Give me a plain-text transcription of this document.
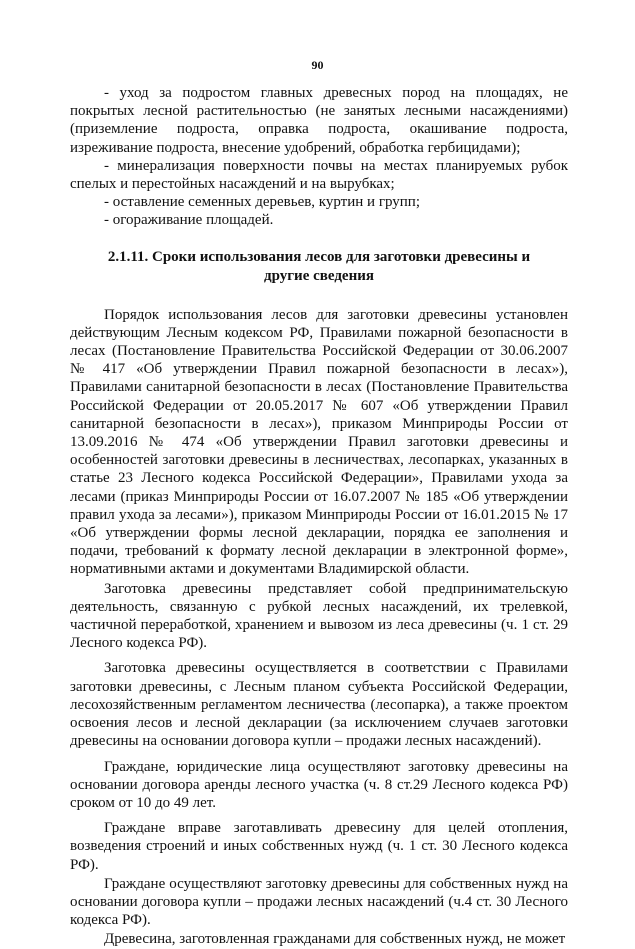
90

- уход за подростом главных древесных пород на площадях, не покрытых лесной растительностью (не занятых лесными насаждениями) (приземление подроста, оправка подроста, окашивание подроста, изреживание подроста, внесение удобрений, обработка гербицидами);

- минерализация поверхности почвы на местах планируемых рубок спелых и перестойных насаждений и на вырубках;

- оставление семенных деревьев, куртин и групп;

- огораживание площадей.

2.1.11. Сроки использования лесов для заготовки древесины и другие сведения

Порядок использования лесов для заготовки древесины установлен действующим Лесным кодексом РФ, Правилами пожарной безопасности в лесах (Постановление Правительства Российской Федерации от 30.06.2007 № 417 «Об утверждении Правил пожарной безопасности в лесах»), Правилами санитарной безопасности в лесах (Постановление Правительства Российской Федерации от 20.05.2017 № 607 «Об утверждении Правил санитарной безопасности в лесах»), приказом Минприроды России от 13.09.2016 № 474 «Об утверждении Правил заготовки древесины и особенностей заготовки древесины в лесничествах, лесопарках, указанных в статье 23 Лесного кодекса Российской Федерации», Правилами ухода за лесами (приказ Минприроды России от 16.07.2007 № 185 «Об утверждении правил ухода за лесами»), приказом Минприроды России от 16.01.2015 № 17 «Об утверждении формы лесной декларации, порядка ее заполнения и подачи, требований к формату лесной декларации в электронной форме», нормативными актами и документами Владимирской области.

Заготовка древесины представляет собой предпринимательскую деятельность, связанную с рубкой лесных насаждений, их трелевкой, частичной переработкой, хранением и вывозом из леса древесины (ч. 1 ст. 29 Лесного кодекса РФ).

Заготовка древесины осуществляется в соответствии с Правилами заготовки древесины, с Лесным планом субъекта Российской Федерации, лесохозяйственным регламентом лесничества (лесопарка), а также проектом освоения лесов и лесной декларации (за исключением случаев заготовки древесины на основании договора купли – продажи лесных насаждений).

Граждане, юридические лица осуществляют заготовку древесины на основании договора аренды лесного участка (ч. 8 ст.29 Лесного кодекса РФ) сроком от 10 до 49 лет.

Граждане вправе заготавливать древесину для целей отопления, возведения строений и иных собственных нужд (ч. 1 ст. 30 Лесного кодекса РФ).

Граждане осуществляют заготовку древесины для собственных нужд на основании договора купли – продажи лесных насаждений (ч.4 ст. 30 Лесного кодекса РФ).

Древесина, заготовленная гражданами для собственных нужд, не может
